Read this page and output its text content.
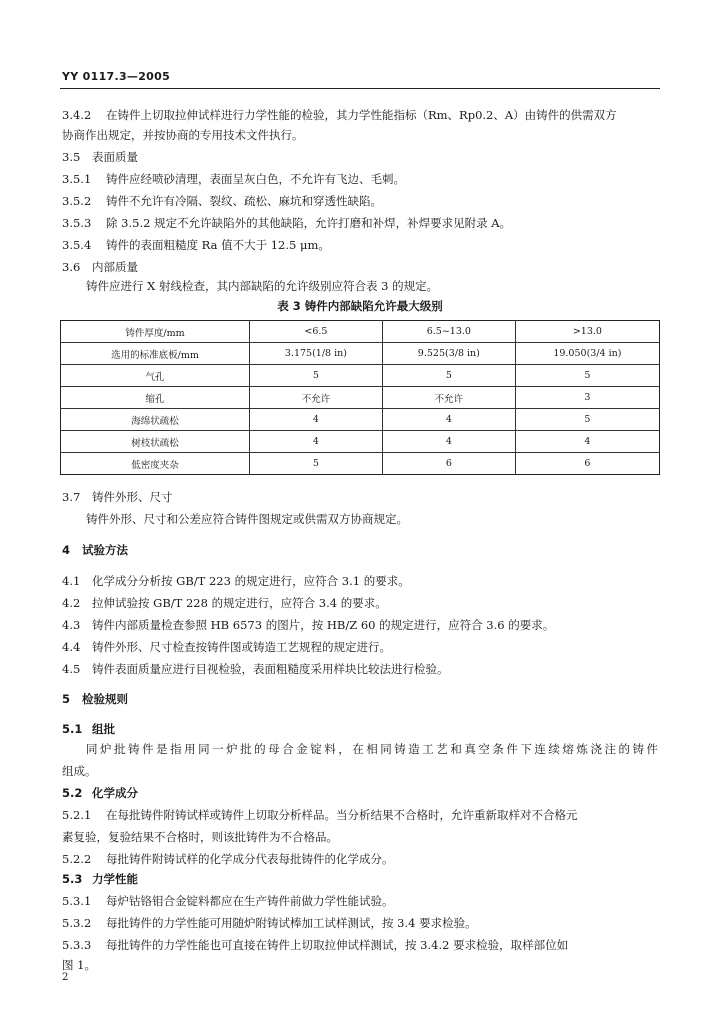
YY 0117.3—2005
3.4.2 在铸件上切取拉伸试样进行力学性能的检验，其力学性能指标（Rm、Rp0.2、A）由铸件的供需双方
协商作出规定，并按协商的专用技术文件执行。
3.5 表面质量
3.5.1 铸件应经喷砂清理，表面呈灰白色，不允许有飞边、毛刺。
3.5.2 铸件不允许有冷隔、裂纹、疏松、麻坑和穿透性缺陷。
3.5.3 除 3.5.2 规定不允许缺陷外的其他缺陷，允许打磨和补焊，补焊要求见附录 A。
3.5.4 铸件的表面粗糙度 Ra 值不大于 12.5 μm。
3.6 内部质量
铸件应进行 X 射线检查，其内部缺陷的允许级别应符合表 3 的规定。
表 3 铸件内部缺陷允许最大级别
铸件厚度/mm	<6.5	6.5~13.0	>13.0
选用的标准底板/mm	3.175(1/8 in)	9.525(3/8 in)	19.050(3/4 in)
气孔	5	5	5
缩孔	不允许	不允许	3
海绵状疏松	4	4	5
树枝状疏松	4	4	4
低密度夹杂	5	6	6
3.7 铸件外形、尺寸
铸件外形、尺寸和公差应符合铸件图规定或供需双方协商规定。
4 试验方法
4.1 化学成分分析按 GB/T 223 的规定进行，应符合 3.1 的要求。
4.2 拉伸试验按 GB/T 228 的规定进行，应符合 3.4 的要求。
4.3 铸件内部质量检查参照 HB 6573 的图片，按 HB/Z 60 的规定进行，应符合 3.6 的要求。
4.4 铸件外形、尺寸检查按铸件图或铸造工艺规程的规定进行。
4.5 铸件表面质量应进行目视检验，表面粗糙度采用样块比较法进行检验。
5 检验规则
5.1 组批
同炉批铸件是指用同一炉批的母合金锭料，在相同铸造工艺和真空条件下连续熔炼浇注的铸件
组成。
5.2 化学成分
5.2.1 在每批铸件附铸试样或铸件上切取分析样品。当分析结果不合格时，允许重新取样对不合格元
素复验，复验结果不合格时，则该批铸件为不合格品。
5.2.2 每批铸件附铸试样的化学成分代表每批铸件的化学成分。
5.3 力学性能
5.3.1 每炉钴铬钼合金锭料都应在生产铸件前做力学性能试验。
5.3.2 每批铸件的力学性能可用随炉附铸试棒加工试样测试，按 3.4 要求检验。
5.3.3 每批铸件的力学性能也可直接在铸件上切取拉伸试样测试，按 3.4.2 要求检验，取样部位如
图 1。
2
